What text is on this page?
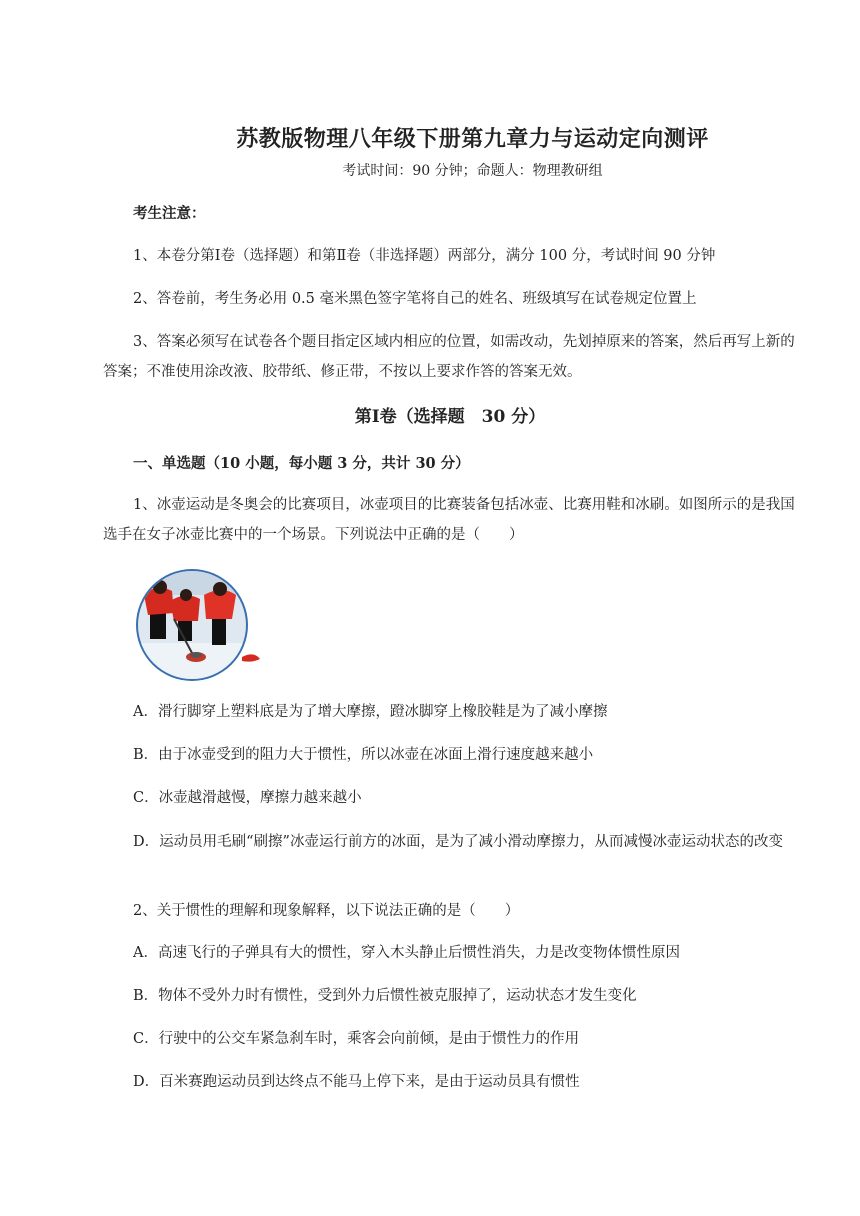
苏教版物理八年级下册第九章力与运动定向测评
考试时间：90 分钟；命题人：物理教研组
考生注意：
1、本卷分第Ⅰ卷（选择题）和第Ⅱ卷（非选择题）两部分，满分 100 分，考试时间 90 分钟
2、答卷前，考生务必用 0.5 毫米黑色签字笔将自己的姓名、班级填写在试卷规定位置上
3、答案必须写在试卷各个题目指定区域内相应的位置，如需改动，先划掉原来的答案，然后再写上新的答案；不准使用涂改液、胶带纸、修正带，不按以上要求作答的答案无效。
第Ⅰ卷（选择题　30 分）
一、单选题（10 小题，每小题 3 分，共计 30 分）
1、冰壶运动是冬奥会的比赛项目，冰壶项目的比赛装备包括冰壶、比赛用鞋和冰刷。如图所示的是我国选手在女子冰壶比赛中的一个场景。下列说法中正确的是（　　）
A．滑行脚穿上塑料底是为了增大摩擦，蹬冰脚穿上橡胶鞋是为了减小摩擦
B．由于冰壶受到的阻力大于惯性，所以冰壶在冰面上滑行速度越来越小
C．冰壶越滑越慢，摩擦力越来越小
D．运动员用毛刷“刷擦”冰壶运行前方的冰面，是为了减小滑动摩擦力，从而减慢冰壶运动状态的改变
2、关于惯性的理解和现象解释，以下说法正确的是（　　）
A．高速飞行的子弹具有大的惯性，穿入木头静止后惯性消失，力是改变物体惯性原因
B．物体不受外力时有惯性，受到外力后惯性被克服掉了，运动状态才发生变化
C．行驶中的公交车紧急刹车时，乘客会向前倾，是由于惯性力的作用
D．百米赛跑运动员到达终点不能马上停下来，是由于运动员具有惯性
